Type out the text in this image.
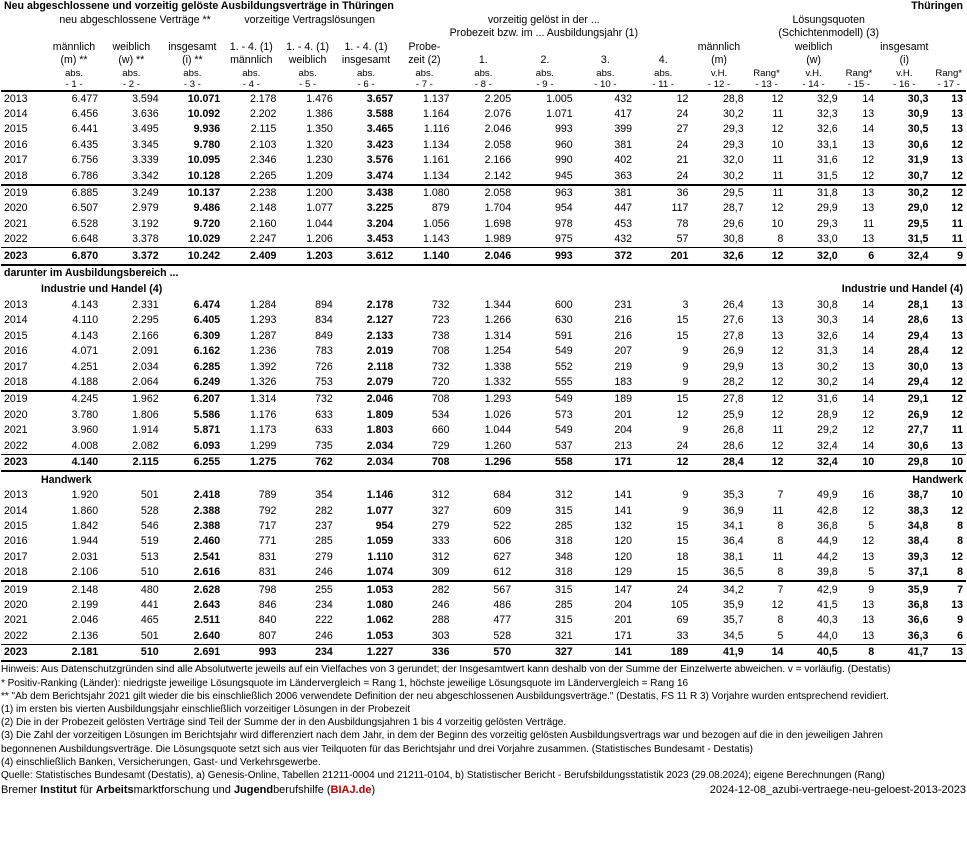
Neu abgeschlossene und vorzeitig gelöste Ausbildungsverträge in Thüringen														Thüringen			
	neu abgeschlossene Verträge **			vorzeitige Vertragslösungen			vorzeitig gelöst in der ...					Lösungsquoten					
							Probezeit bzw. im ... Ausbildungsjahr (1)					(Schichtenmodell) (3)					
	männlich	weiblich	insgesamt	1. - 4. (1)	1. - 4. (1)	1. - 4. (1)	Probe-					männlich		weiblich		insgesamt	
	(m) **	(w) **	(i) **	männlich	weiblich	insgesamt	zeit (2)	1.	2.	3.	4.	(m)		(w)		(i)	
	abs.	abs.	abs.	abs.	abs.	abs.	abs.	abs.	abs.	abs.	abs.	v.H.	Rang*	v.H.	Rang*	v.H.	Rang*
	- 1 -	- 2 -	- 3 -	- 4 -	- 5 -	- 6 -	- 7 -	- 8 -	- 9 -	- 10 -	- 11 -	- 12 -	- 13 -	- 14 -	- 15 -	- 16 -	- 17 -
2013	6.477	3.594	10.071	2.178	1.476	3.657	1.137	2.205	1.005	432	12	28,8	12	32,9	14	30,3	13
2014	6.456	3.636	10.092	2.202	1.386	3.588	1.164	2.076	1.071	417	24	30,2	11	32,3	13	30,9	13
2015	6.441	3.495	9.936	2.115	1.350	3.465	1.116	2.046	993	399	27	29,3	12	32,6	14	30,5	13
2016	6.435	3.345	9.780	2.103	1.320	3.423	1.134	2.058	960	381	24	29,3	10	33,1	13	30,6	12
2017	6.756	3.339	10.095	2.346	1.230	3.576	1.161	2.166	990	402	21	32,0	11	31,6	12	31,9	13
2018	6.786	3.342	10.128	2.265	1.209	3.474	1.134	2.142	945	363	24	30,2	11	31,5	12	30,7	12
2019	6.885	3.249	10.137	2.238	1.200	3.438	1.080	2.058	963	381	36	29,5	11	31,8	13	30,2	12
2020	6.507	2.979	9.486	2.148	1.077	3.225	879	1.704	954	447	117	28,7	12	29,9	13	29,0	12
2021	6.528	3.192	9.720	2.160	1.044	3.204	1.056	1.698	978	453	78	29,6	10	29,3	11	29,5	11
2022	6.648	3.378	10.029	2.247	1.206	3.453	1.143	1.989	975	432	57	30,8	8	33,0	13	31,5	11
2023	6.870	3.372	10.242	2.409	1.203	3.612	1.140	2.046	993	372	201	32,6	12	32,0	6	32,4	9
darunter im Ausbildungsbereich ...																	
Industrie und Handel (4)														Industrie und Handel (4)			
2013	4.143	2.331	6.474	1.284	894	2.178	732	1.344	600	231	3	26,4	13	30,8	14	28,1	13
2014	4.110	2.295	6.405	1.293	834	2.127	723	1.266	630	216	15	27,6	13	30,3	14	28,6	13
2015	4.143	2.166	6.309	1.287	849	2.133	738	1.314	591	216	15	27,8	13	32,6	14	29,4	13
2016	4.071	2.091	6.162	1.236	783	2.019	708	1.254	549	207	9	26,9	12	31,3	14	28,4	12
2017	4.251	2.034	6.285	1.392	726	2.118	732	1.338	552	219	9	29,9	13	30,2	13	30,0	13
2018	4.188	2.064	6.249	1.326	753	2.079	720	1.332	555	183	9	28,2	12	30,2	14	29,4	12
2019	4.245	1.962	6.207	1.314	732	2.046	708	1.293	549	189	15	27,8	12	31,6	14	29,1	12
2020	3.780	1.806	5.586	1.176	633	1.809	534	1.026	573	201	12	25,9	12	28,9	12	26,9	12
2021	3.960	1.914	5.871	1.173	633	1.803	660	1.044	549	204	9	26,8	11	29,2	12	27,7	11
2022	4.008	2.082	6.093	1.299	735	2.034	729	1.260	537	213	24	28,6	12	32,4	14	30,6	13
2023	4.140	2.115	6.255	1.275	762	2.034	708	1.296	558	171	12	28,4	12	32,4	10	29,8	10
Handwerk														Handwerk			
2013	1.920	501	2.418	789	354	1.146	312	684	312	141	9	35,3	7	49,9	16	38,7	10
2014	1.860	528	2.388	792	282	1.077	327	609	315	141	9	36,9	11	42,8	12	38,3	12
2015	1.842	546	2.388	717	237	954	279	522	285	132	15	34,1	8	36,8	5	34,8	8
2016	1.944	519	2.460	771	285	1.059	333	606	318	120	15	36,4	8	44,9	12	38,4	8
2017	2.031	513	2.541	831	279	1.110	312	627	348	120	18	38,1	11	44,2	13	39,3	12
2018	2.106	510	2.616	831	246	1.074	309	612	318	129	15	36,5	8	39,8	5	37,1	8
2019	2.148	480	2.628	798	255	1.053	282	567	315	147	24	34,2	7	42,9	9	35,9	7
2020	2.199	441	2.643	846	234	1.080	246	486	285	204	105	35,9	12	41,5	13	36,8	13
2021	2.046	465	2.511	840	222	1.062	288	477	315	201	69	35,7	8	40,3	13	36,6	9
2022	2.136	501	2.640	807	246	1.053	303	528	321	171	33	34,5	5	44,0	13	36,3	6
2023	2.181	510	2.691	993	234	1.227	336	570	327	141	189	41,9	14	40,5	8	41,7	13
Hinweis: Aus Datenschutzgründen sind alle Absolutwerte jeweils auf ein Vielfaches von 3 gerundet; der Insgesamtwert kann deshalb von der Summe der Einzelwerte abweichen. v = vorläufig. (Destatis)
* Positiv-Ranking (Länder): niedrigste jeweilige Lösungsquote im Ländervergleich = Rang 1, höchste jeweilige Lösungsquote im Ländervergleich = Rang 16
** "Ab dem Berichtsjahr 2021 gilt wieder die bis einschließlich 2006 verwendete Definition der neu abgeschlossenen Ausbildungsverträge." (Destatis, FS 11 R 3) Vorjahre wurden entsprechend revidiert.
(1) im ersten bis vierten Ausbildungsjahr einschließlich vorzeitiger Lösungen in der Probezeit
(2) Die in der Probezeit gelösten Verträge sind Teil der Summe der in den Ausbildungsjahren 1 bis 4 vorzeitig gelösten Verträge.
(3) Die Zahl der vorzeitigen Lösungen im Berichtsjahr wird differenziert nach dem Jahr, in dem der Beginn des vorzeitig gelösten Ausbildungsvertrags war und bezogen auf die in den jeweiligen Jahren
begonnenen Ausbildungsverträge. Die Lösungsquote setzt sich aus vier Teilquoten für das Berichtsjahr und drei Vorjahre zusammen. (Statistisches Bundesamt - Destatis)
(4) einschließlich Banken, Versicherungen, Gast- und Verkehrsgewerbe.
Quelle: Statistisches Bundesamt (Destatis), a) Genesis-Online, Tabellen 21211-0004 und 21211-0104, b) Statistischer Bericht - Berufsbildungsstatistik 2023 (29.08.2024); eigene Berechnungen (Rang)
Bremer Institut für Arbeitsmarktforschung und Jugendberufshilfe (BIAJ.de)	2024-12-08_azubi-vertraege-neu-geloest-2013-2023
